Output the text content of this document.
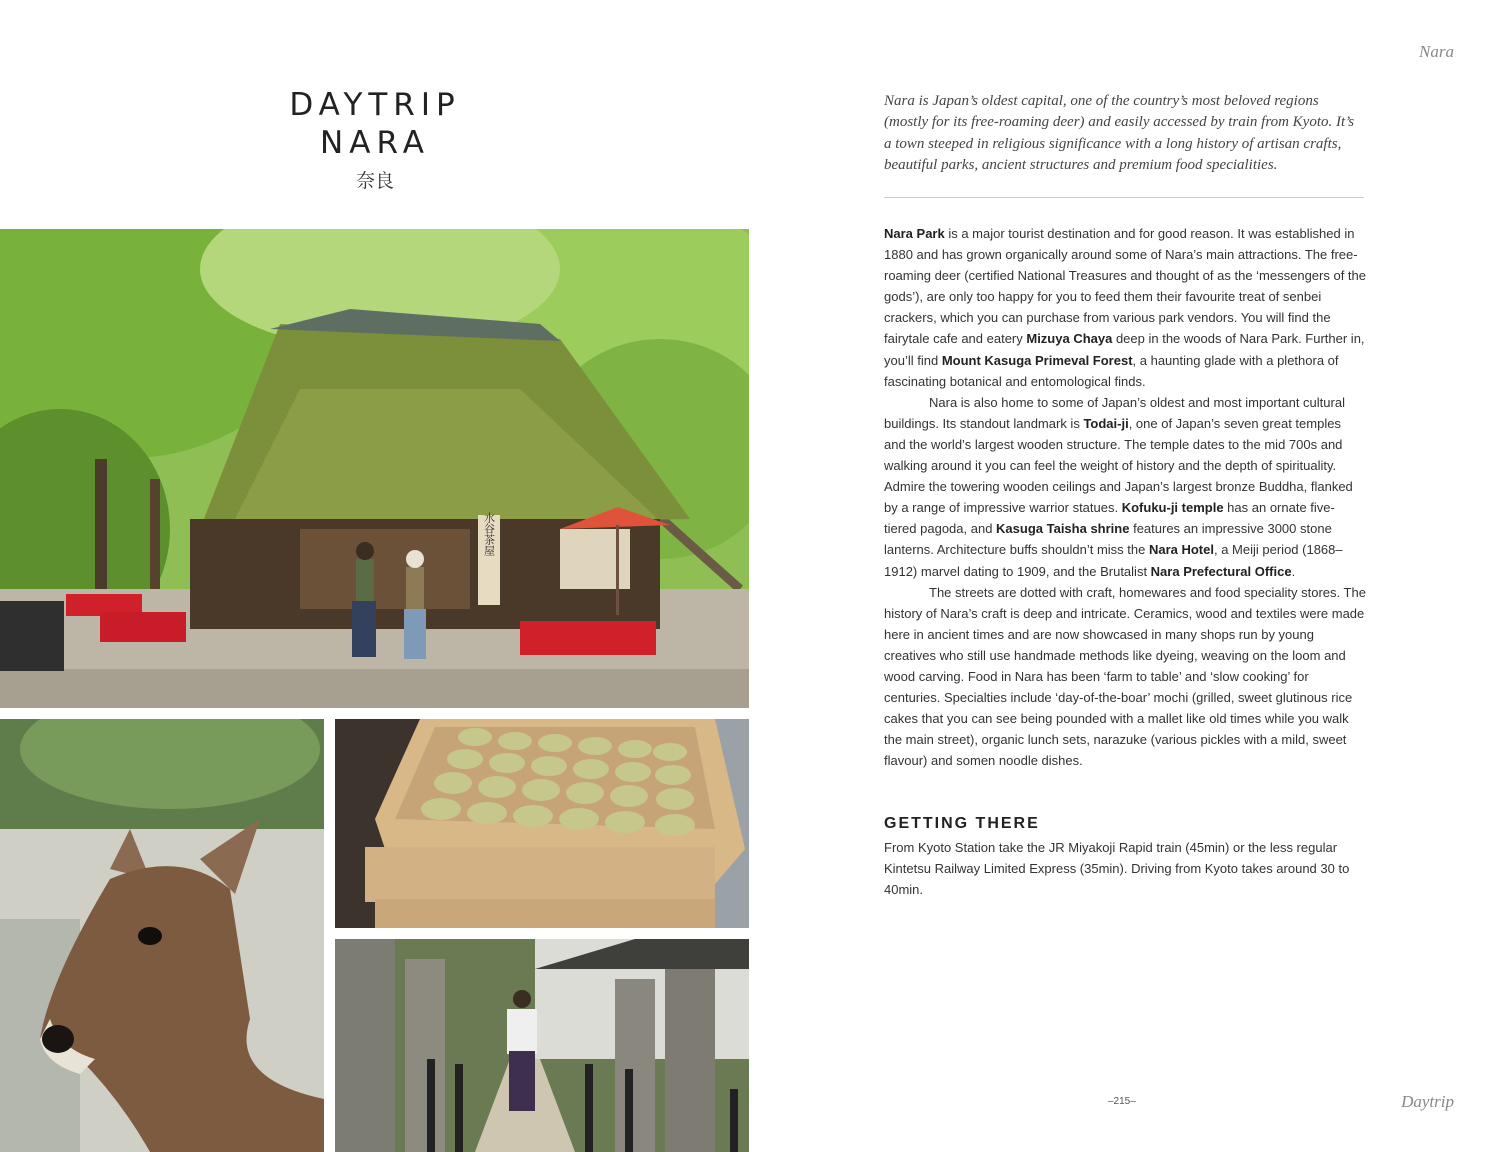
Nara
DAYTRIP
NARA
奈良
水谷茶屋
Nara is Japan’s oldest capital, one of the country’s most beloved regions (mostly for its free-roaming deer) and easily accessed by train from Kyoto. It’s a town steeped in religious significance with a long history of artisan crafts, beautiful parks, ancient structures and premium food specialities.

Nara Park is a major tourist destination and for good reason. It was established in 1880 and has grown organically around some of Nara’s main attractions. The free-roaming deer (certified National Treasures and thought of as the ‘messengers of the gods’), are only too happy for you to feed them their favourite treat of senbei crackers, which you can purchase from various park vendors. You will find the fairytale cafe and eatery Mizuya Chaya deep in the woods of Nara Park. Further in, you’ll find Mount Kasuga Primeval Forest, a haunting glade with a plethora of fascinating botanical and entomological finds.

Nara is also home to some of Japan’s oldest and most important cultural buildings. Its standout landmark is Todai-ji, one of Japan’s seven great temples and the world’s largest wooden structure. The temple dates to the mid 700s and walking around it you can feel the weight of history and the depth of spirituality. Admire the towering wooden ceilings and Japan’s largest bronze Buddha, flanked by a range of impressive warrior statues. Kofuku-ji temple has an ornate five-tiered pagoda, and Kasuga Taisha shrine features an impressive 3000 stone lanterns. Architecture buffs shouldn’t miss the Nara Hotel, a Meiji period (1868–1912) marvel dating to 1909, and the Brutalist Nara Prefectural Office.

The streets are dotted with craft, homewares and food speciality stores. The history of Nara’s craft is deep and intricate. Ceramics, wood and textiles were made here in ancient times and are now showcased in many shops run by young creatives who still use handmade methods like dyeing, weaving on the loom and wood carving. Food in Nara has been ‘farm to table’ and ‘slow cooking’ for centuries. Specialties include ‘day-of-the-boar’ mochi (grilled, sweet glutinous rice cakes that you can see being pounded with a mallet like old times while you walk the main street), organic lunch sets, narazuke (various pickles with a mild, sweet flavour) and somen noodle dishes.

GETTING THERE
From Kyoto Station take the JR Miyakoji Rapid train (45min) or the less regular Kintetsu Railway Limited Express (35min). Driving from Kyoto takes around 30 to 40min.
–215–	Daytrip
